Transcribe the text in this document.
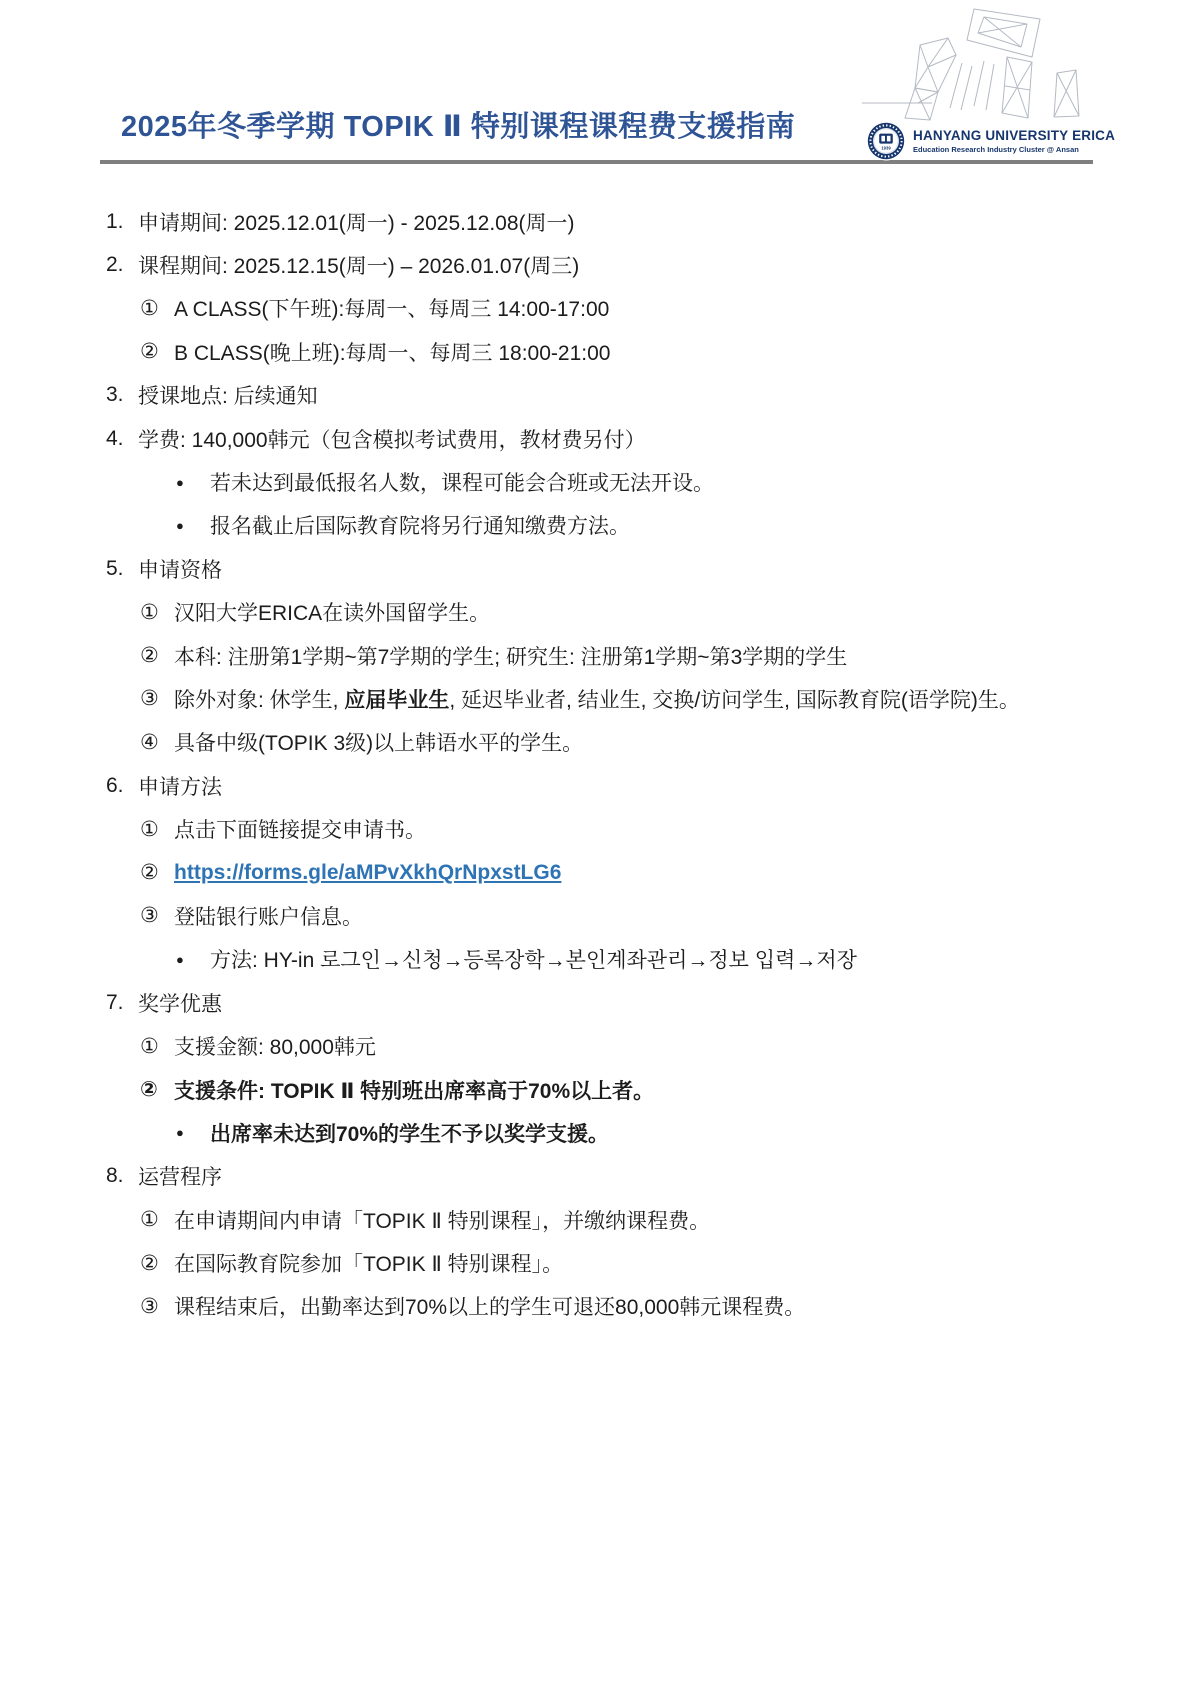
2025年冬季学期 TOPIK Ⅱ 特别课程课程费支援指南
1939
HANYANG UNIVERSITY ERICA
Education Research Industry Cluster @ Ansan
1. 申请期间: 2025.12.01(周一) - 2025.12.08(周一)
2. 课程期间: 2025.12.15(周一) – 2026.01.07(周三)
① A CLASS(下午班):每周一、每周三 14:00-17:00
② B CLASS(晚上班):每周一、每周三 18:00-21:00
3. 授课地点: 后续通知
4. 学费: 140,000韩元（包含模拟考试费用，教材费另付）
●	若未达到最低报名人数，课程可能会合班或无法开设。
●	报名截止后国际教育院将另行通知缴费方法。
5. 申请资格
① 汉阳大学ERICA在读外国留学生。
② 本科: 注册第1学期~第7学期的学生; 研究生: 注册第1学期~第3学期的学生
③ 除外对象: 休学生, 应届毕业生, 延迟毕业者, 结业生, 交换/访问学生, 国际教育院(语学院)生。
④ 具备中级(TOPIK 3级)以上韩语水平的学生。
6. 申请方法
① 点击下面链接提交申请书。
② https://forms.gle/aMPvXkhQrNpxstLG6
③ 登陆银行账户信息。
●	方法: HY-in 로그인→신청→등록장학→본인계좌관리→정보 입력→저장
7. 奖学优惠
① 支援金额: 80,000韩元
② 支援条件: TOPIK Ⅱ 特别班出席率高于70%以上者。
●	出席率未达到70%的学生不予以奖学支援。
8. 运营程序
① 在申请期间内申请「TOPIK Ⅱ 特别课程」，并缴纳课程费。
② 在国际教育院参加「TOPIK Ⅱ 特别课程」。
③ 课程结束后，出勤率达到70%以上的学生可退还80,000韩元课程费。
